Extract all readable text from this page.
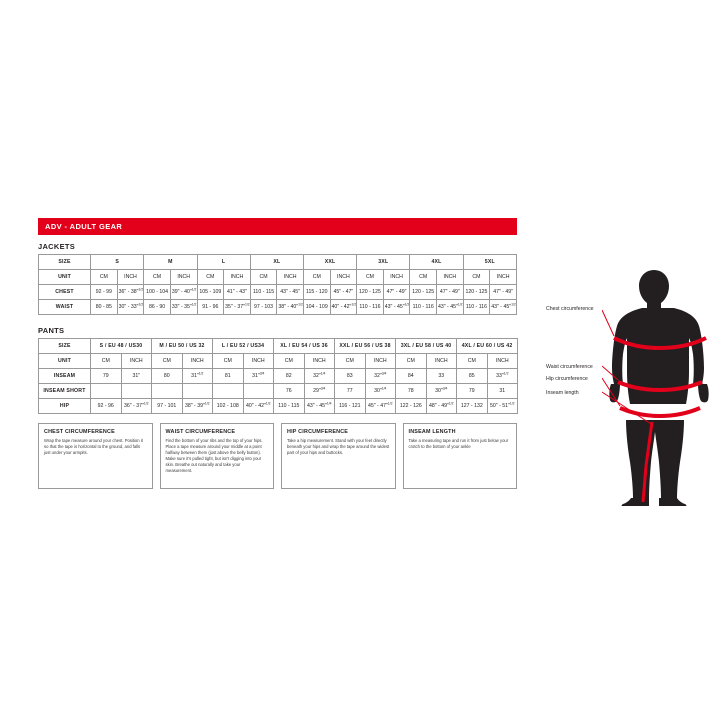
ADV - ADULT GEAR
JACKETS
SIZE	S		M		L		XL		XXL		3XL		4XL		5XL	
UNIT	CM	INCH	CM	INCH	CM	INCH	CM	INCH	CM	INCH	CM	INCH	CM	INCH	CM	INCH
CHEST	92 - 99	36" - 38"$^{1/2}$	100 - 104	39" - 40"$^{1/2}$	105 - 109	41" - 43"	110 - 115	43" - 45"	115 - 120	45" - 47"	120 - 125	47" - 49"	120 - 125	47" - 49"	120 - 125	47" - 49"
WAIST	80 - 85	30" - 33"$^{1/2}$	86 - 90	33" - 35"$^{1/2}$	91 - 96	35" - 37"$^{1/2}$	97 - 103	38" - 40"$^{1/2}$	104 - 109	40" - 42"$^{1/2}$	110 - 116	43" - 45"$^{1/2}$	110 - 116	43" - 45"$^{1/2}$	110 - 116	43" - 45"$^{1/2}$
PANTS
SIZE	S / EU 48 / US30		M / EU 50 / US 32		L / EU 52 / US34		XL / EU 54 / US 36		XXL / EU 56 / US 38		3XL / EU 58 / US 40		4XL / EU 60 / US 42	
UNIT	CM	INCH	CM	INCH	CM	INCH	CM	INCH	CM	INCH	CM	INCH	CM	INCH
INSEAM	79	31"	80	31"$^{1/2}$	81	31"$^{3/4}$	82	32"$^{1/4}$	83	32"$^{3/4}$	84	33	85	33"$^{1/2}$
INSEAM SHORT							76	29"$^{3/4}$	77	30"$^{1/4}$	78	30"$^{3/4}$	79	31
HIP	92 - 96	36" - 37"$^{1/2}$	97 - 101	38" - 39"$^{1/2}$	102 - 108	40" - 42"$^{1/2}$	110 - 115	43" - 45"$^{1/4}$	116 - 121	45" - 47"$^{1/2}$	122 - 126	48" - 49"$^{1/2}$	127 - 132	50" - 51"$^{1/2}$
CHEST CIRCUMFERENCE
Wrap the tape measure around your chest. Position it so that the tape is horizontal to the ground, and falls just under your armpits.
WAIST CIRCUMFERENCE
Find the bottom of your ribs and the top of your hips. Place a tape measure around your middle at a point halfway between them (just above the belly button). Make sure it's pulled tight, but isn't digging into your skin. Breathe out naturally and take your measurement.
HIP CIRCUMFERENCE
Take a hip measurement. Stand with your feet directly beneath your hips and wrap the tape around the widest part of your hips and buttocks.
INSEAM LENGTH
Take a measuring tape and run it from just below your crotch to the bottom of your ankle
Chest circumference
Waist circumference
Hip circumference
Inseam length
